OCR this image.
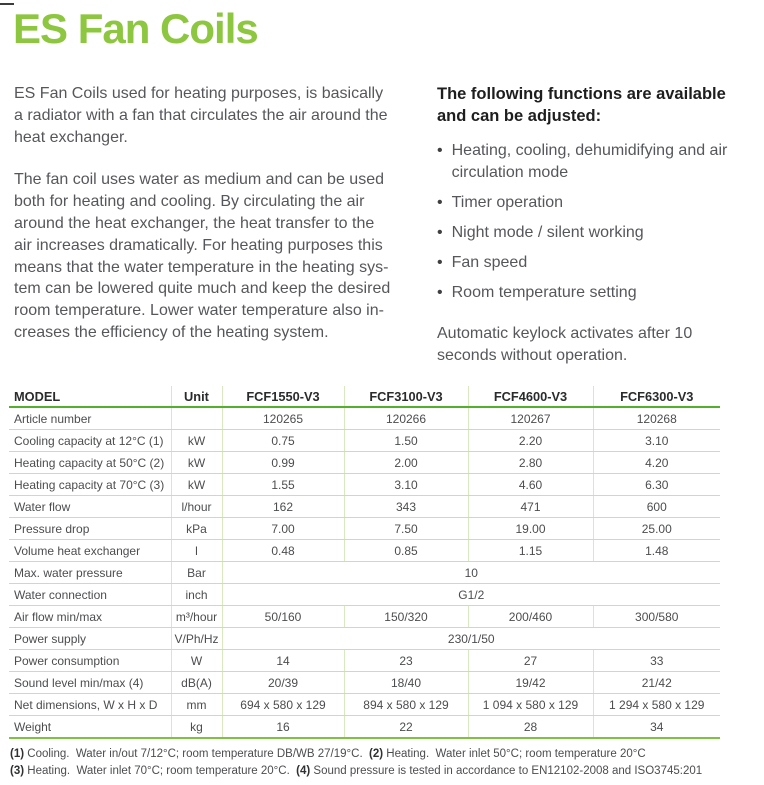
ES Fan Coils
ES Fan Coils used for heating purposes, is basically
a radiator with a fan that circulates the air around the
heat exchanger.
The fan coil uses water as medium and can be used
both for heating and cooling. By circulating the air
around the heat exchanger, the heat transfer to the
air increases dramatically. For heating purposes this
means that the water temperature in the heating sys-
tem can be lowered quite much and keep the desired
room temperature. Lower water temperature also in-
creases the efficiency of the heating system.
The following functions are available and can be adjusted:
• Heating, cooling, dehumidifying and air circulation mode
• Timer operation
• Night mode / silent working
• Fan speed
• Room temperature setting
Automatic keylock activates after 10 seconds without operation.
MODEL	Unit	FCF1550-V3	FCF3100-V3	FCF4600-V3	FCF6300-V3
Article number		120265	120266	120267	120268
Cooling capacity at 12°C (1)	kW	0.75	1.50	2.20	3.10
Heating capacity at 50°C (2)	kW	0.99	2.00	2.80	4.20
Heating capacity at 70°C (3)	kW	1.55	3.10	4.60	6.30
Water flow	l/hour	162	343	471	600
Pressure drop	kPa	7.00	7.50	19.00	25.00
Volume heat exchanger	l	0.48	0.85	1.15	1.48
Max. water pressure	Bar	10			
Water connection	inch	G1/2			
Air flow min/max	m³/hour	50/160	150/320	200/460	300/580
Power supply	V/Ph/Hz	230/1/50			
Power consumption	W	14	23	27	33
Sound level min/max (4)	dB(A)	20/39	18/40	19/42	21/42
Net dimensions, W x H x D	mm	694 x 580 x 129	894 x 580 x 129	1 094 x 580 x 129	1 294 x 580 x 129
Weight	kg	16	22	28	34
(1) Cooling.  Water in/out 7/12°C; room temperature DB/WB 27/19°C.  (2) Heating.  Water inlet 50°C; room temperature 20°C
(3) Heating.  Water inlet 70°C; room temperature 20°C.  (4) Sound pressure is tested in accordance to EN12102-2008 and ISO3745:201
